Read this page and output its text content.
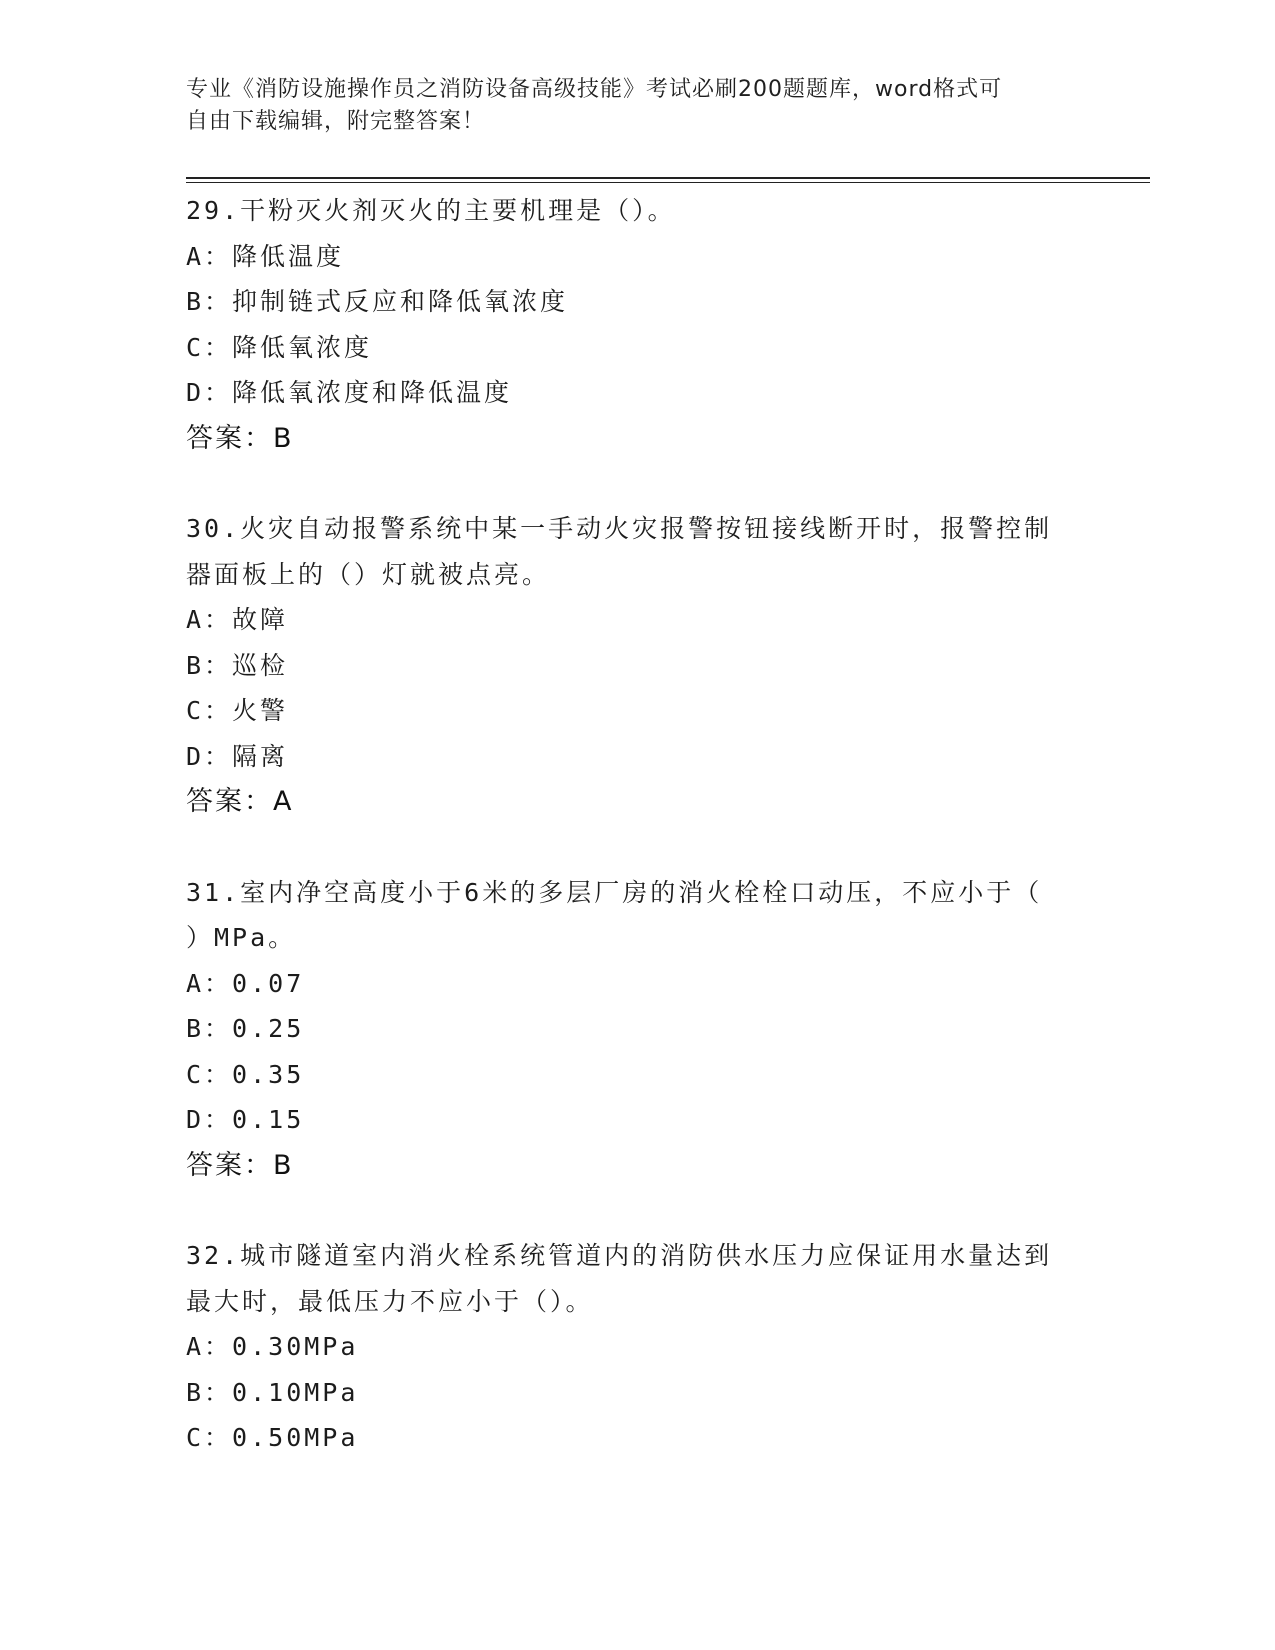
专业《消防设施操作员之消防设备高级技能》考试必刷200题题库，word格式可
自由下载编辑，附完整答案！
29.干粉灭火剂灭火的主要机理是（）。
A：降低温度
B：抑制链式反应和降低氧浓度
C：降低氧浓度
D：降低氧浓度和降低温度
答案：B
30.火灾自动报警系统中某一手动火灾报警按钮接线断开时，报警控制
器面板上的（）灯就被点亮。
A：故障
B：巡检
C：火警
D：隔离
答案：A
31.室内净空高度小于6米的多层厂房的消火栓栓口动压，不应小于（
）MPa。
A：0.07
B：0.25
C：0.35
D：0.15
答案：B
32.城市隧道室内消火栓系统管道内的消防供水压力应保证用水量达到
最大时，最低压力不应小于（）。
A：0.30MPa
B：0.10MPa
C：0.50MPa
